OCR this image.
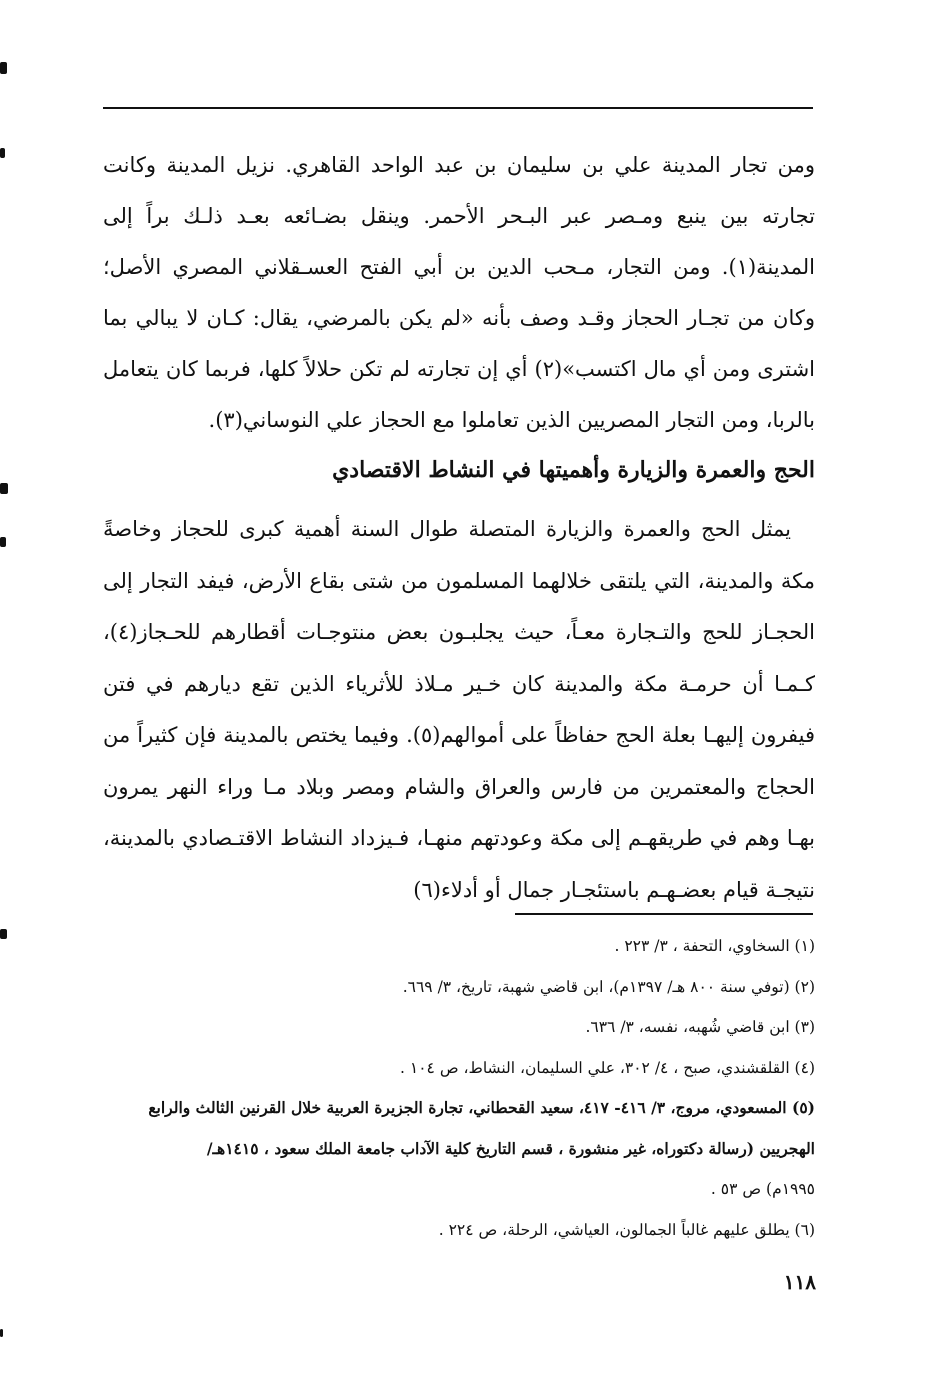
ومن تجار المدينة علي بن سليمان بن عبد الواحد القاهري. نزيل المدينة وكانت تجارته بين ينبع ومـصر عبر البـحر الأحمر. وينقل بضـائعه بعـد ذلـك براً إلى المدينة(١). ومن التجار، مـحب الدين بن أبي الفتح العسـقلاني المصري الأصل؛ وكان من تجـار الحجاز وقـد وصف بأنه «لم يكن بالمرضي، يقال: كـان لا يبالي بما اشترى ومن أي مال اكتسب»(٢) أي إن تجارته لم تكن حلالاً كلها، فربما كان يتعامل بالربا، ومن التجار المصريين الذين تعاملوا مع الحجاز علي النوساني(٣).

الحج والعمرة والزيارة وأهميتها في النشاط الاقتصادي

يمثل الحج والعمرة والزيارة المتصلة طوال السنة أهمية كبرى للحجاز وخاصةً مكة والمدينة، التي يلتقى خلالهما المسلمون من شتى بقاع الأرض، فيفد التجار إلى الحجـاز للحج والتـجارة معـاً، حيث يجلبـون بعض منتوجـات أقطارهم للحـجاز(٤)، كـمـا أن حرمـة مكة والمدينة كان خـير مـلاذ للأثرياء الذين تقع ديارهم في فتن فيفرون إليهـا بعلة الحج حفاظاً على أموالهم(٥). وفيما يختص بالمدينة فإن كثيراً من الحجاج والمعتمرين من فارس والعراق والشام ومصر وبلاد مـا وراء النهر يمرون بهـا وهم في طريقهـم إلى مكة وعودتهم منهـا، فـيزداد النشاط الاقتـصادي بالمدينة، نتيجـة قيام بعضـهـم باستئجـار جمال أو أدلاء(٦)

(١) السخاوي، التحفة ، ٣/ ٢٢٣ .

(٢) (توفي سنة ٨٠٠ هـ/ ١٣٩٧م)، ابن قاضي شهبة، تاريخ، ٣/ ٦٦٩.

(٣) ابن قاضي شُهبه، نفسه، ٣/ ٦٣٦.

(٤) القلقشندي، صبح ، ٤/ ٣٠٢، علي السليمان، النشاط، ص ١٠٤ .

(٥) المسعودي، مروج، ٣/ ٤١٦- ٤١٧، سعيد القحطاني، تجارة الجزيرة العربية خلال القرنين الثالث والرابع

الهجريين (رسالة دكتوراه، غير منشورة ، قسم التاريخ كلية الآداب جامعة الملك سعود ، ١٤١٥هـ/

١٩٩٥م) ص ٥٣ .

(٦) يطلق عليهم غالباً الجمالون، العياشي، الرحلة، ص ٢٢٤ .

١١٨
